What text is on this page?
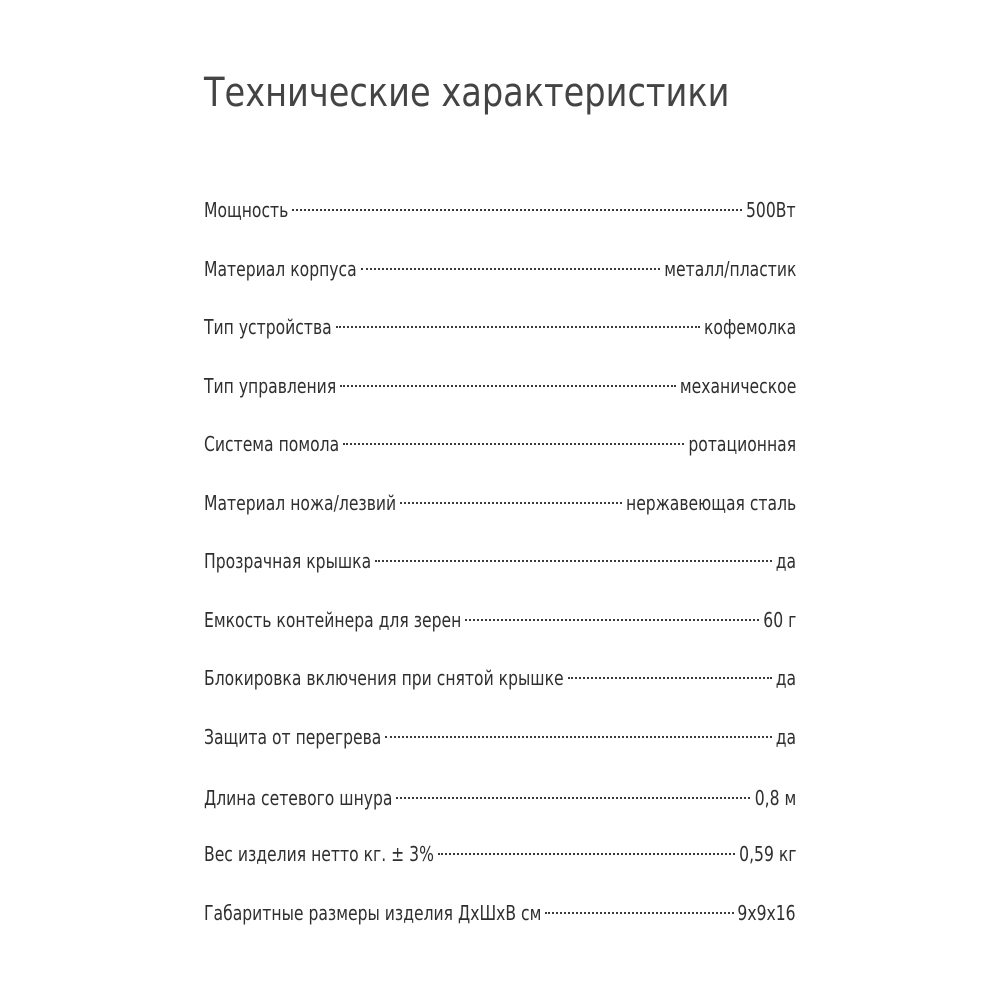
Технические характеристики
Мощность	500Вт
Материал корпуса	металл/пластик
Тип устройства	кофемолка
Тип управления	механическое
Система помола	ротационная
Материал ножа/лезвий	нержавеющая сталь
Прозрачная крышка	да
Емкость контейнера для зерен	60 г
Блокировка включения при снятой крышке	да
Защита от перегрева	да
Длина сетевого шнура	0,8 м
Вес изделия нетто кг. ± 3%	0,59 кг
Габаритные размеры изделия ДхШхВ см	9х9х16
